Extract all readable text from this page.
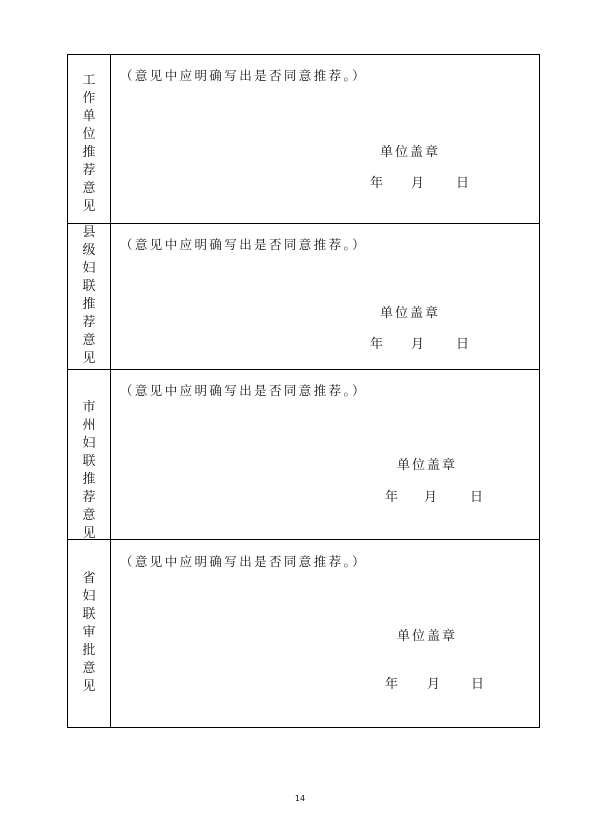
工
作
单
位
推
荐
意
见
（意见中应明确写出是否同意推荐。）
单位盖章
年 月 日
县
级
妇
联
推
荐
意
见
（意见中应明确写出是否同意推荐。）
单位盖章
年 月 日
市
州
妇
联
推
荐
意
见
（意见中应明确写出是否同意推荐。）
单位盖章
年 月	日
省
妇
联
审
批
意
见
（意见中应明确写出是否同意推荐。）
单位盖章
年 月 日
14
